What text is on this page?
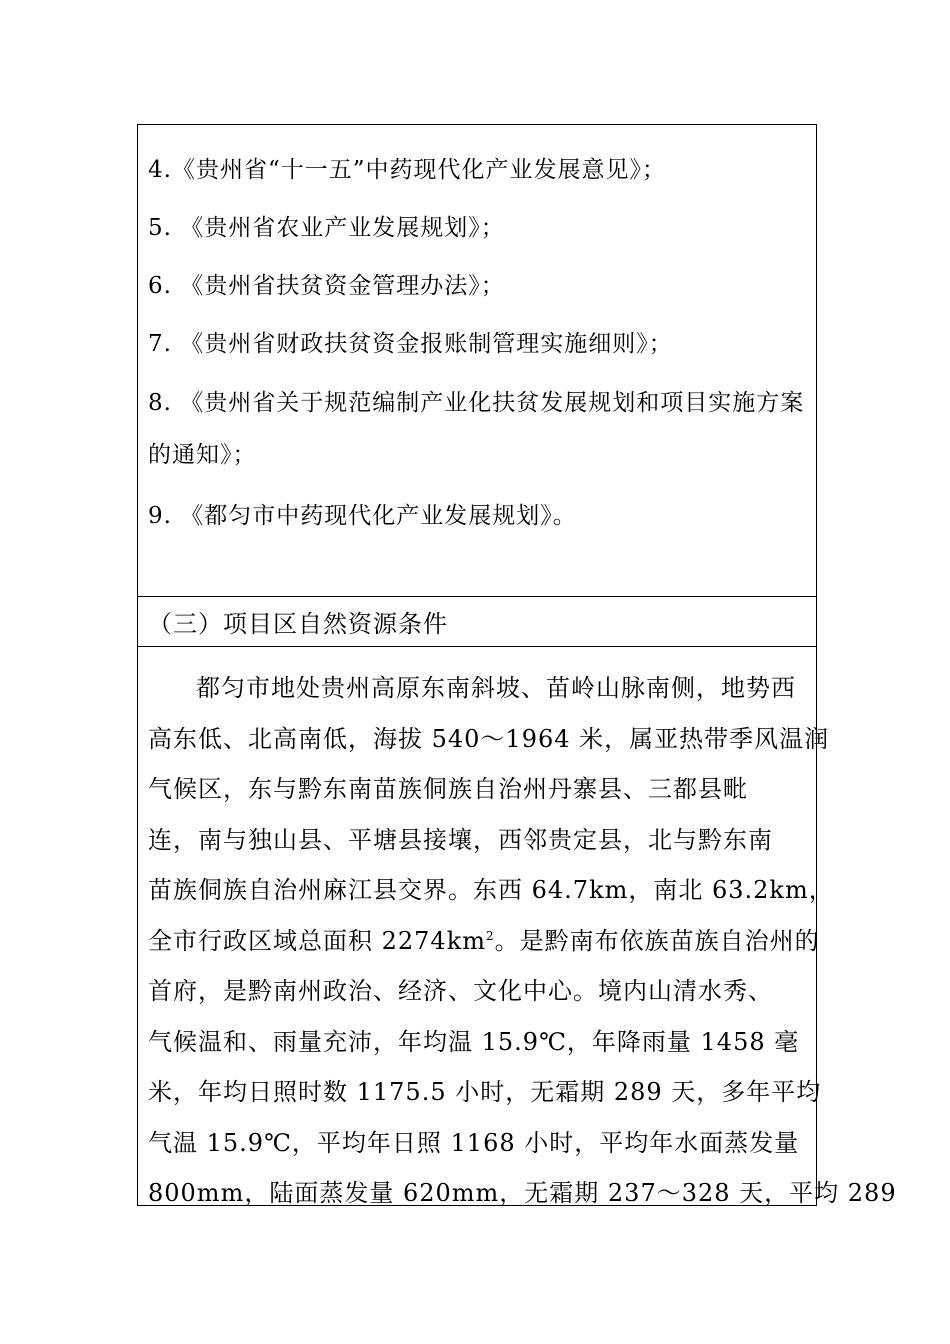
4.《贵州省“十一五”中药现代化产业发展意见》；
5. 《贵州省农业产业发展规划》；
6. 《贵州省扶贫资金管理办法》；
7. 《贵州省财政扶贫资金报账制管理实施细则》；
8. 《贵州省关于规范编制产业化扶贫发展规划和项目实施方案的通知》；
9. 《都匀市中药现代化产业发展规划》。
（三）项目区自然资源条件
都匀市地处贵州高原东南斜坡、苗岭山脉南侧，地势西
高东低、北高南低，海拔 540～1964 米，属亚热带季风温润
气候区，东与黔东南苗族侗族自治州丹寨县、三都县毗
连，南与独山县、平塘县接壤，西邻贵定县，北与黔东南
苗族侗族自治州麻江县交界。东西 64.7km，南北 63.2km，
全市行政区域总面积 $2274km^2$。是黔南布依族苗族自治州的
首府，是黔南州政治、经济、文化中心。境内山清水秀、
气候温和、雨量充沛，年均温 15.9℃，年降雨量 1458 毫
米，年均日照时数 1175.5 小时，无霜期 289 天，多年平均
气温 15.9℃，平均年日照 1168 小时，平均年水面蒸发量
800mm，陆面蒸发量 620mm，无霜期 237～328 天，平均 289
